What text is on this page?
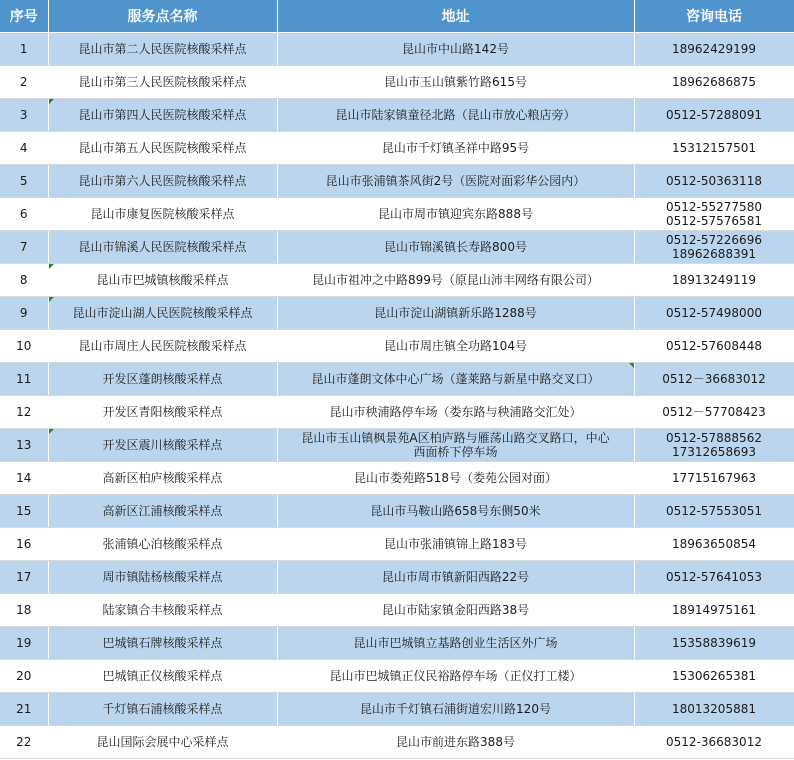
序号	服务点名称	地址	咨询电话
1	昆山市第二人民医院核酸采样点	昆山市中山路142号	18962429199

2	昆山市第三人民医院核酸采样点	昆山市玉山镇紫竹路615号	18962686875

3	昆山市第四人民医院核酸采样点	昆山市陆家镇童径北路（昆山市放心粮店旁）	0512-57288091

4	昆山市第五人民医院核酸采样点	昆山市千灯镇圣祥中路95号	15312157501

5	昆山市第六人民医院核酸采样点	昆山市张浦镇茶风街2号（医院对面彩华公园内）	0512-50363118

6	昆山市康复医院核酸采样点	昆山市周市镇迎宾东路888号	0512-55277580
0512-57576581

7	昆山市锦溪人民医院核酸采样点	昆山市锦溪镇长寿路800号	0512-57226696
18962688391

8	昆山市巴城镇核酸采样点	昆山市祖冲之中路899号（原昆山沛丰网络有限公司）	18913249119

9	昆山市淀山湖人民医院核酸采样点	昆山市淀山湖镇新乐路1288号	0512-57498000

10	昆山市周庄人民医院核酸采样点	昆山市周庄镇全功路104号	0512-57608448

11	开发区蓬朗核酸采样点	昆山市蓬朗文体中心广场（蓬莱路与新星中路交叉口）	0512－36683012

12	开发区青阳核酸采样点	昆山市秧浦路停车场（娄东路与秧浦路交汇处）	0512－57708423

13	开发区震川核酸采样点	昆山市玉山镇枫景苑A区柏庐路与雁荡山路交叉路口，中心
西面桥下停车场	0512-57888562
17312658693

14	高新区柏庐核酸采样点	昆山市娄苑路518号（娄苑公园对面）	17715167963

15	高新区江浦核酸采样点	昆山市马鞍山路658号东侧50米	0512-57553051

16	张浦镇心泊核酸采样点	昆山市张浦镇锦上路183号	18963650854

17	周市镇陆杨核酸采样点	昆山市周市镇新阳西路22号	0512-57641053

18	陆家镇合丰核酸采样点	昆山市陆家镇金阳西路38号	18914975161

19	巴城镇石牌核酸采样点	昆山市巴城镇立基路创业生活区外广场	15358839619

20	巴城镇正仪核酸采样点	昆山市巴城镇正仪民裕路停车场（正仪打工楼）	15306265381

21	千灯镇石浦核酸采样点	昆山市千灯镇石浦街道宏川路120号	18013205881

22	昆山国际会展中心采样点	昆山市前进东路388号	0512-36683012
